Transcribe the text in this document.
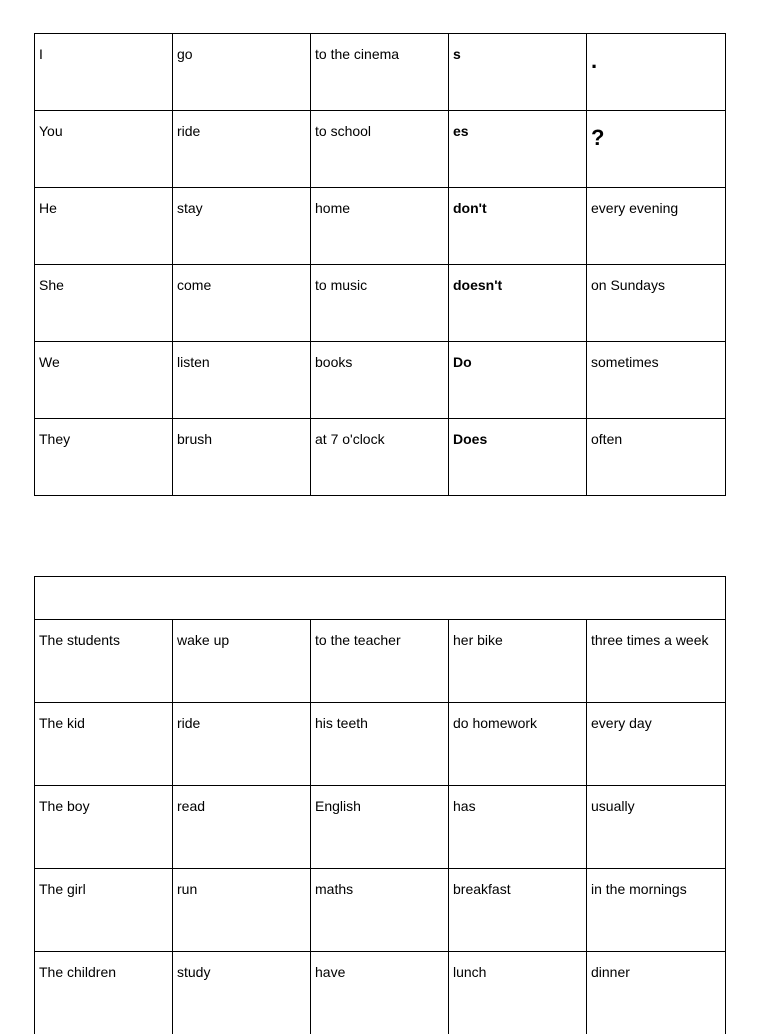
I	go	to the cinema	s	.

You	ride	to school	es	?

He	stay	home	don't	every evening

She	come	to music	doesn't	on Sundays

We	listen	books	Do	sometimes

They	brush	at 7 o'clock	Does	often

The students	wake up	to the teacher	her bike	three times a week

The kid	ride	his teeth	do homework	every day

The boy	read	English	has	usually

The girl	run	maths	breakfast	in the mornings

The children	study	have	lunch	dinner
